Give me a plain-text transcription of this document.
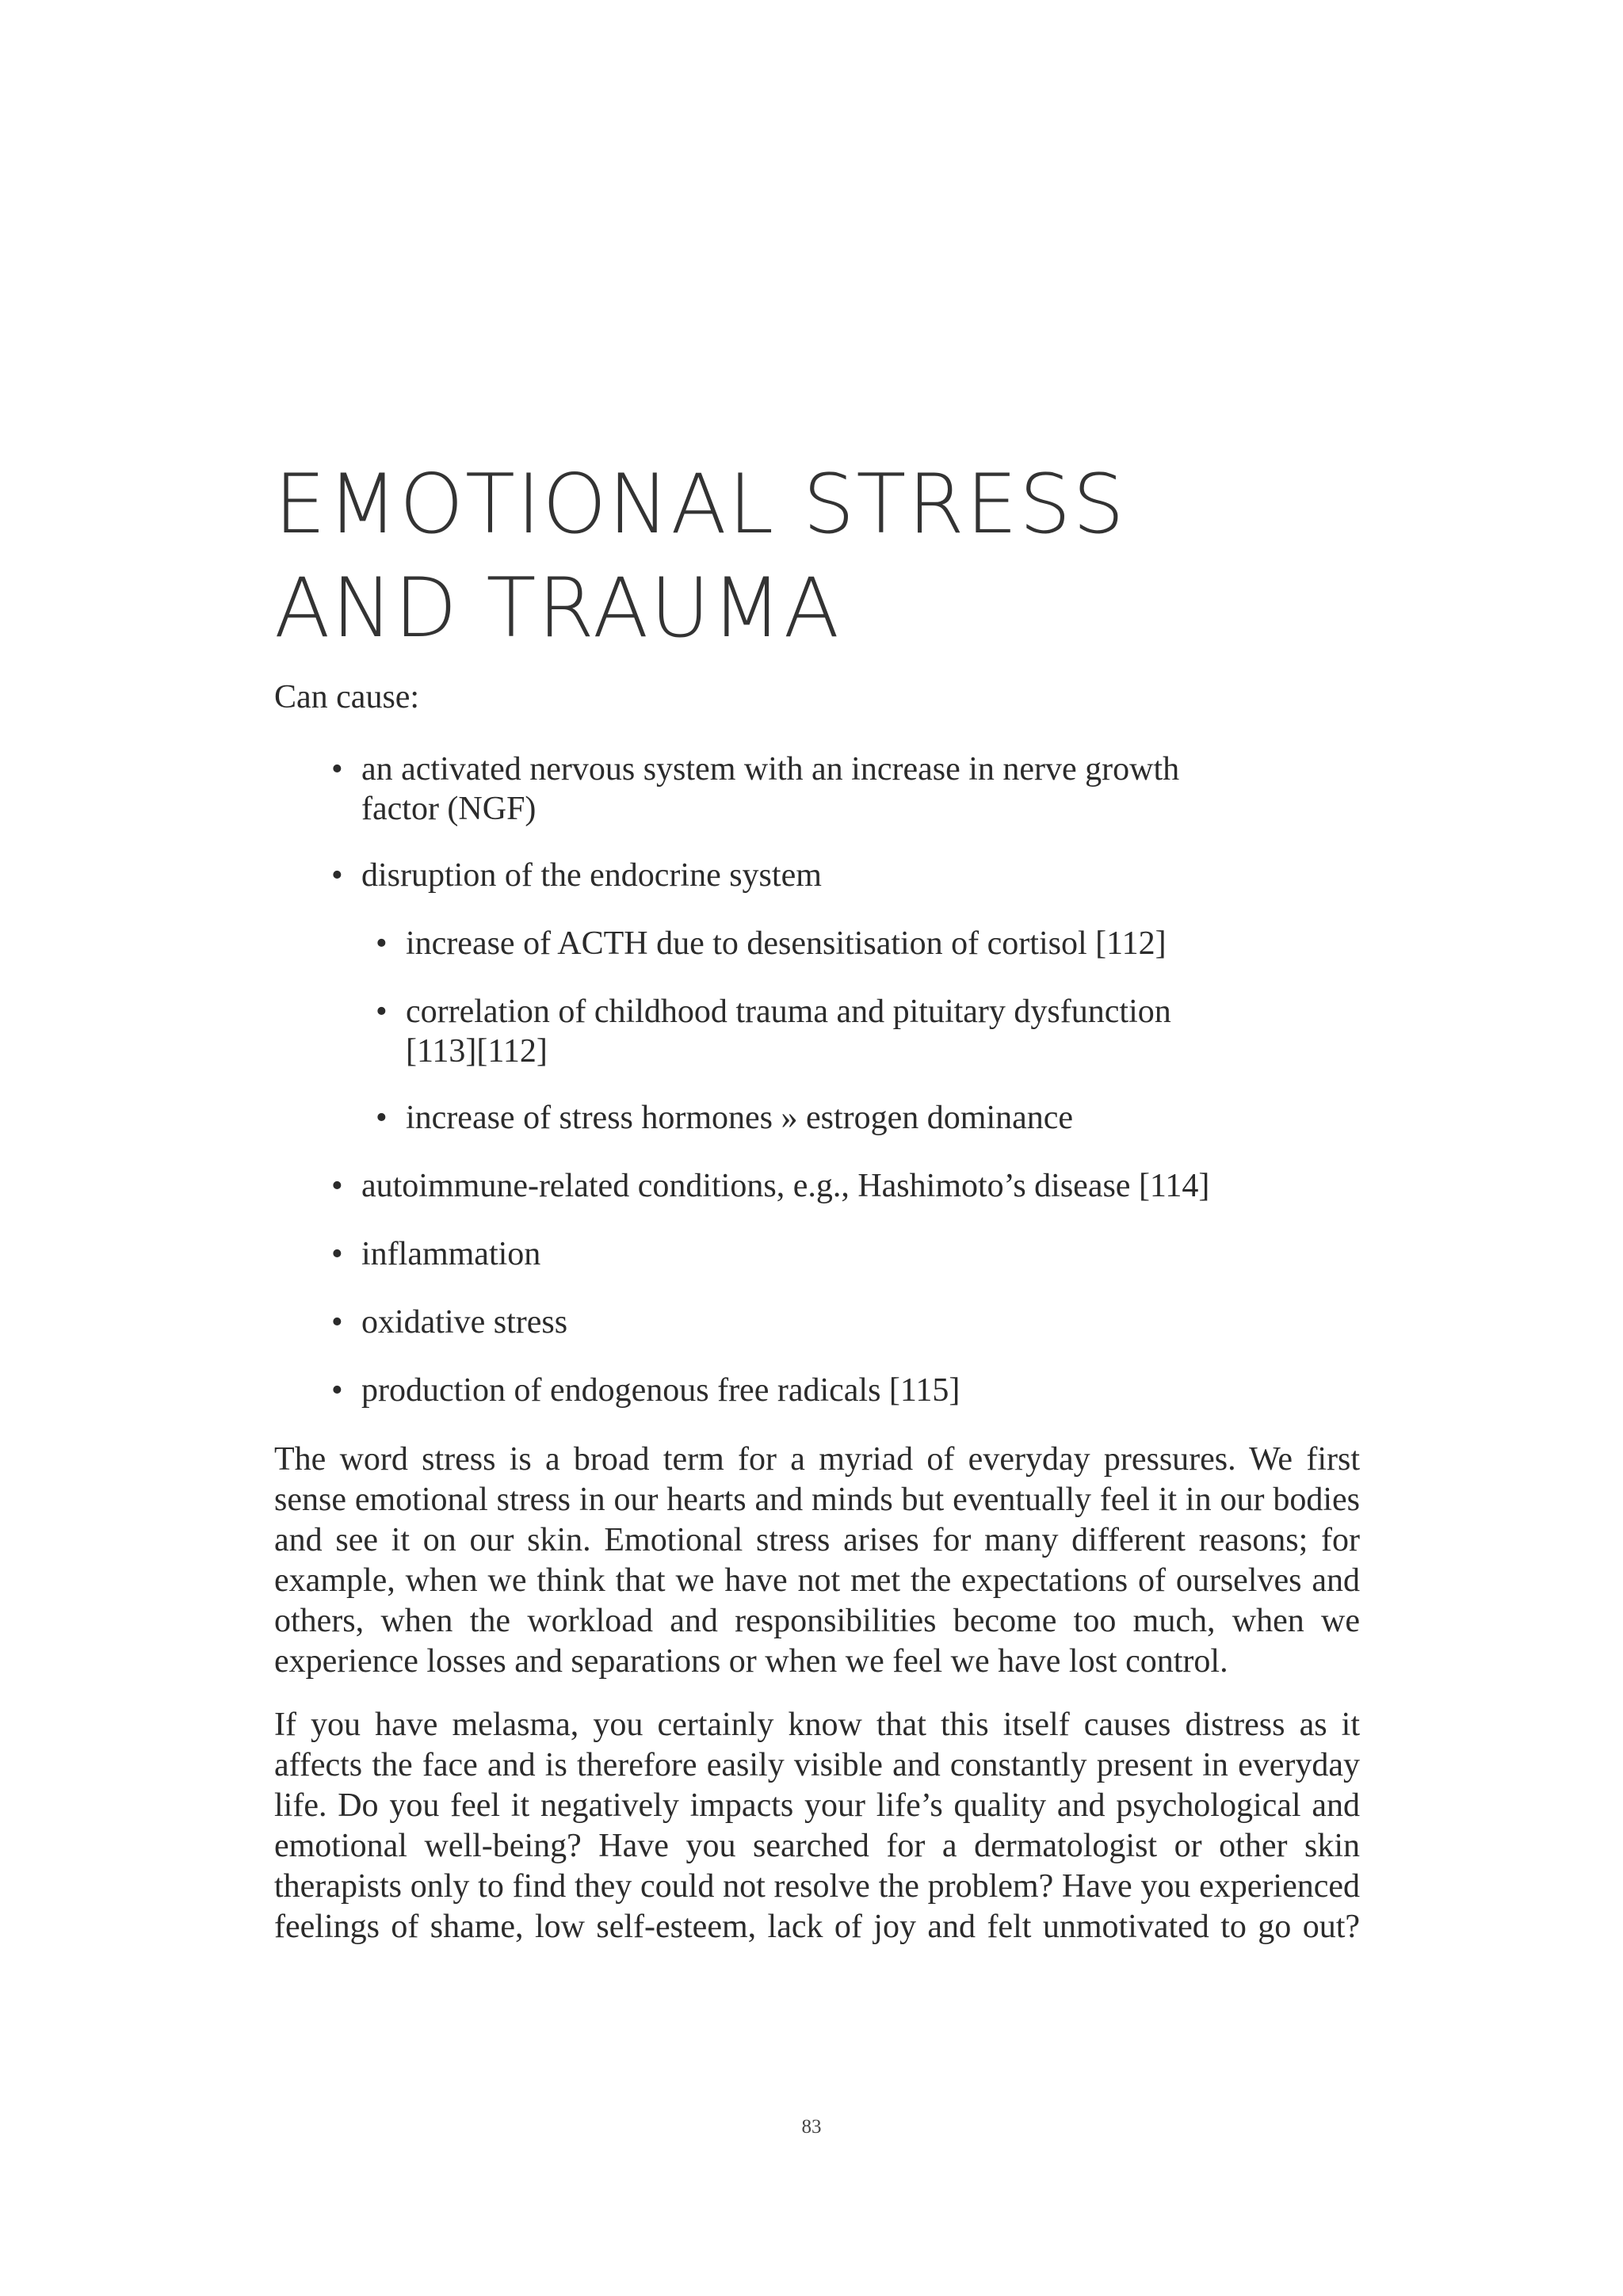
EMOTIONAL STRESS
AND TRAUMA

Can cause:

• an activated nervous system with an increase in nerve growth factor (NGF)
• disruption of the endocrine system
• increase of ACTH due to desensitisation of cortisol [112]
• correlation of childhood trauma and pituitary dysfunction [113][112]
• increase of stress hormones » estrogen dominance
• autoimmune-related conditions, e.g., Hashimoto’s disease [114]
• inflammation
• oxidative stress
• production of endogenous free radicals [115]

The word stress is a broad term for a myriad of everyday pressures. We first sense emotional stress in our hearts and minds but eventually feel it in our bodies and see it on our skin. Emotional stress arises for many different reasons; for example, when we think that we have not met the expectations of ourselves and others, when the workload and responsibilities become too much, when we experience losses and separations or when we feel we have lost control.

If you have melasma, you certainly know that this itself causes distress as it affects the face and is therefore easily visible and constantly present in everyday life. Do you feel it negatively impacts your life’s quality and psychological and emotional well-being? Have you searched for a dermatologist or other skin therapists only to find they could not resolve the problem? Have you experienced feelings of shame, low self-esteem, lack of joy and felt unmotivated to go out?

83
